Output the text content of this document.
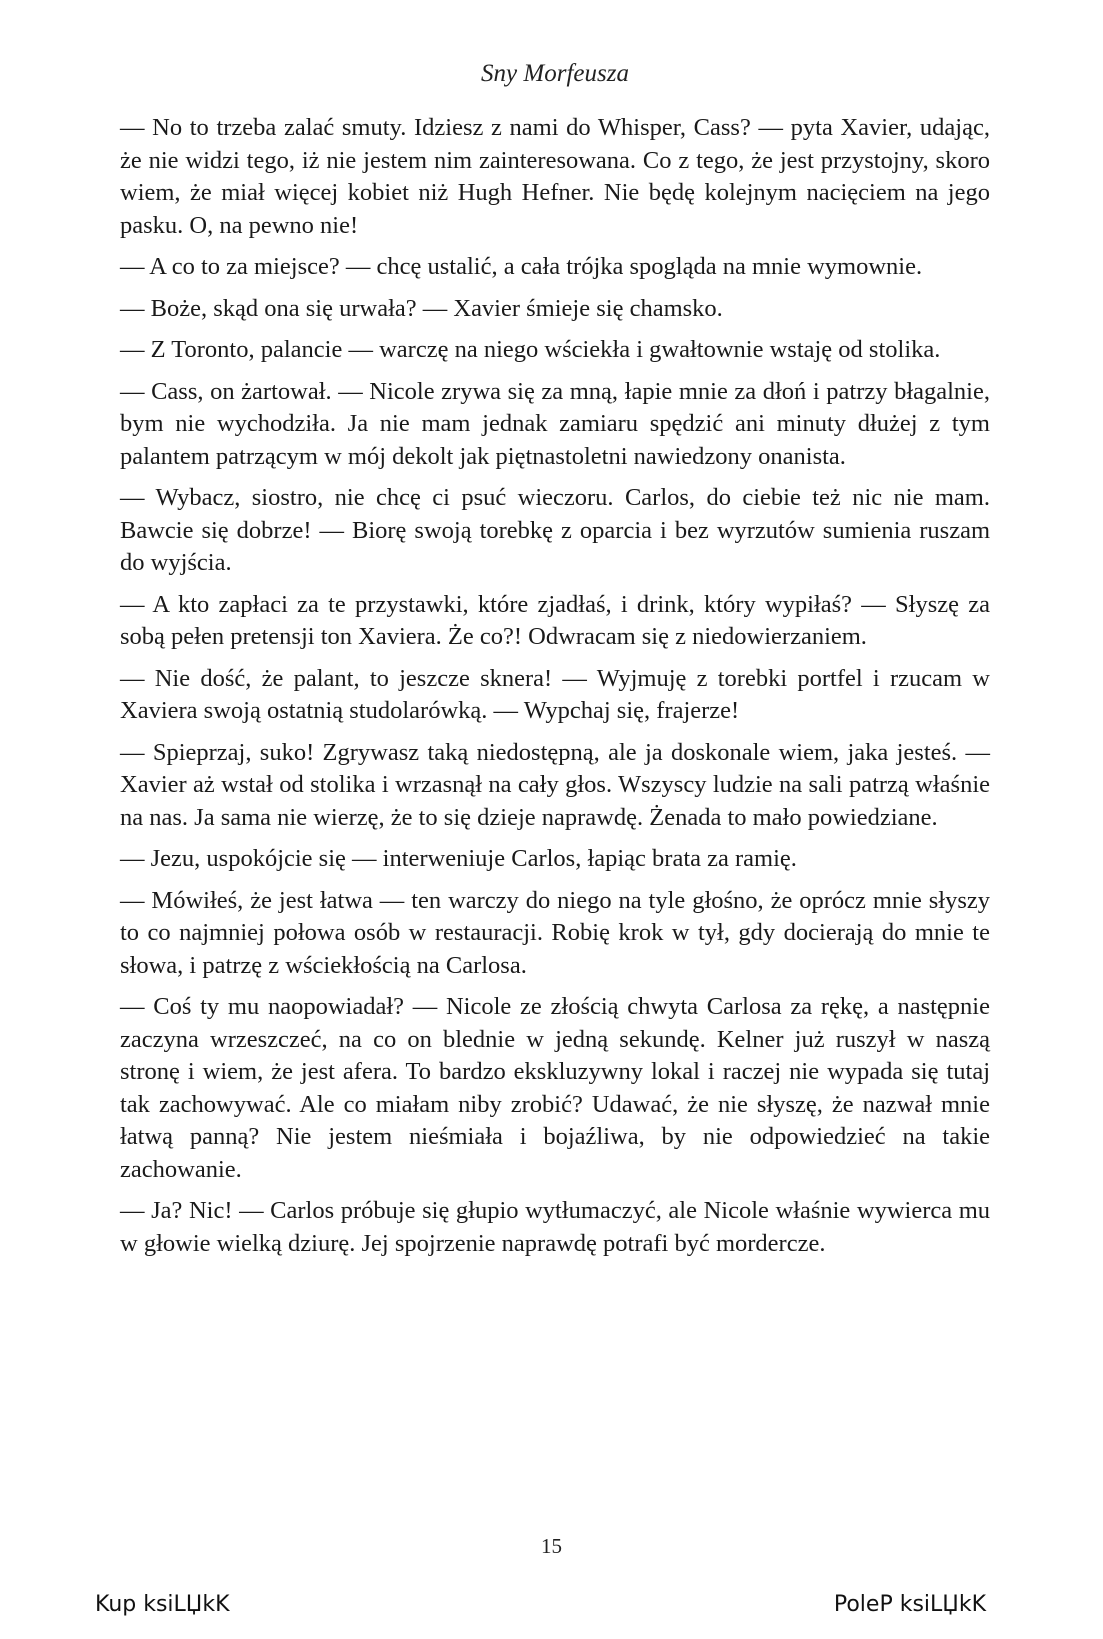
Sny Morfeusza

— No to trzeba zalać smuty. Idziesz z nami do Whisper, Cass? — pyta Xavier, udając, że nie widzi tego, iż nie jestem nim zainteresowana. Co z tego, że jest przystojny, skoro wiem, że miał więcej kobiet niż Hugh Hefner. Nie będę kolejnym nacięciem na jego pasku. O, na pewno nie!

— A co to za miejsce? — chcę ustalić, a cała trójka spogląda na mnie wymownie.

— Boże, skąd ona się urwała? — Xavier śmieje się chamsko.

— Z Toronto, palancie — warczę na niego wściekła i gwałtownie wstaję od stolika.

— Cass, on żartował. — Nicole zrywa się za mną, łapie mnie za dłoń i patrzy błagalnie, bym nie wychodziła. Ja nie mam jednak zamiaru spędzić ani minuty dłużej z tym palantem patrzącym w mój dekolt jak piętnastoletni nawiedzony onanista.

— Wybacz, siostro, nie chcę ci psuć wieczoru. Carlos, do ciebie też nic nie mam. Bawcie się dobrze! — Biorę swoją torebkę z oparcia i bez wyrzutów sumienia ruszam do wyjścia.

— A kto zapłaci za te przystawki, które zjadłaś, i drink, który wypiłaś? — Słyszę za sobą pełen pretensji ton Xaviera. Że co?! Odwracam się z niedowierzaniem.

— Nie dość, że palant, to jeszcze sknera! — Wyjmuję z torebki portfel i rzucam w Xaviera swoją ostatnią studolarówką. — Wypchaj się, frajerze!

— Spieprzaj, suko! Zgrywasz taką niedostępną, ale ja doskonale wiem, jaka jesteś. — Xavier aż wstał od stolika i wrzasnął na cały głos. Wszyscy ludzie na sali patrzą właśnie na nas. Ja sama nie wierzę, że to się dzieje naprawdę. Żenada to mało powiedziane.

— Jezu, uspokójcie się — interweniuje Carlos, łapiąc brata za ramię.

— Mówiłeś, że jest łatwa — ten warczy do niego na tyle głośno, że oprócz mnie słyszy to co najmniej połowa osób w restauracji. Robię krok w tył, gdy docierają do mnie te słowa, i patrzę z wściekłością na Carlosa.

— Coś ty mu naopowiadał? — Nicole ze złością chwyta Carlosa za rękę, a następnie zaczyna wrzeszczeć, na co on blednie w jedną sekundę. Kelner już ruszył w naszą stronę i wiem, że jest afera. To bardzo ekskluzywny lokal i raczej nie wypada się tutaj tak zachowywać. Ale co miałam niby zrobić? Udawać, że nie słyszę, że nazwał mnie łatwą panną? Nie jestem nieśmiała i bojaźliwa, by nie odpowiedzieć na takie zachowanie.

— Ja? Nic! — Carlos próbuje się głupio wytłumaczyć, ale Nicole właśnie wywierca mu w głowie wielką dziurę. Jej spojrzenie naprawdę potrafi być mordercze.

15
Kup ksiLЏkK	PoleP ksiLЏkK
